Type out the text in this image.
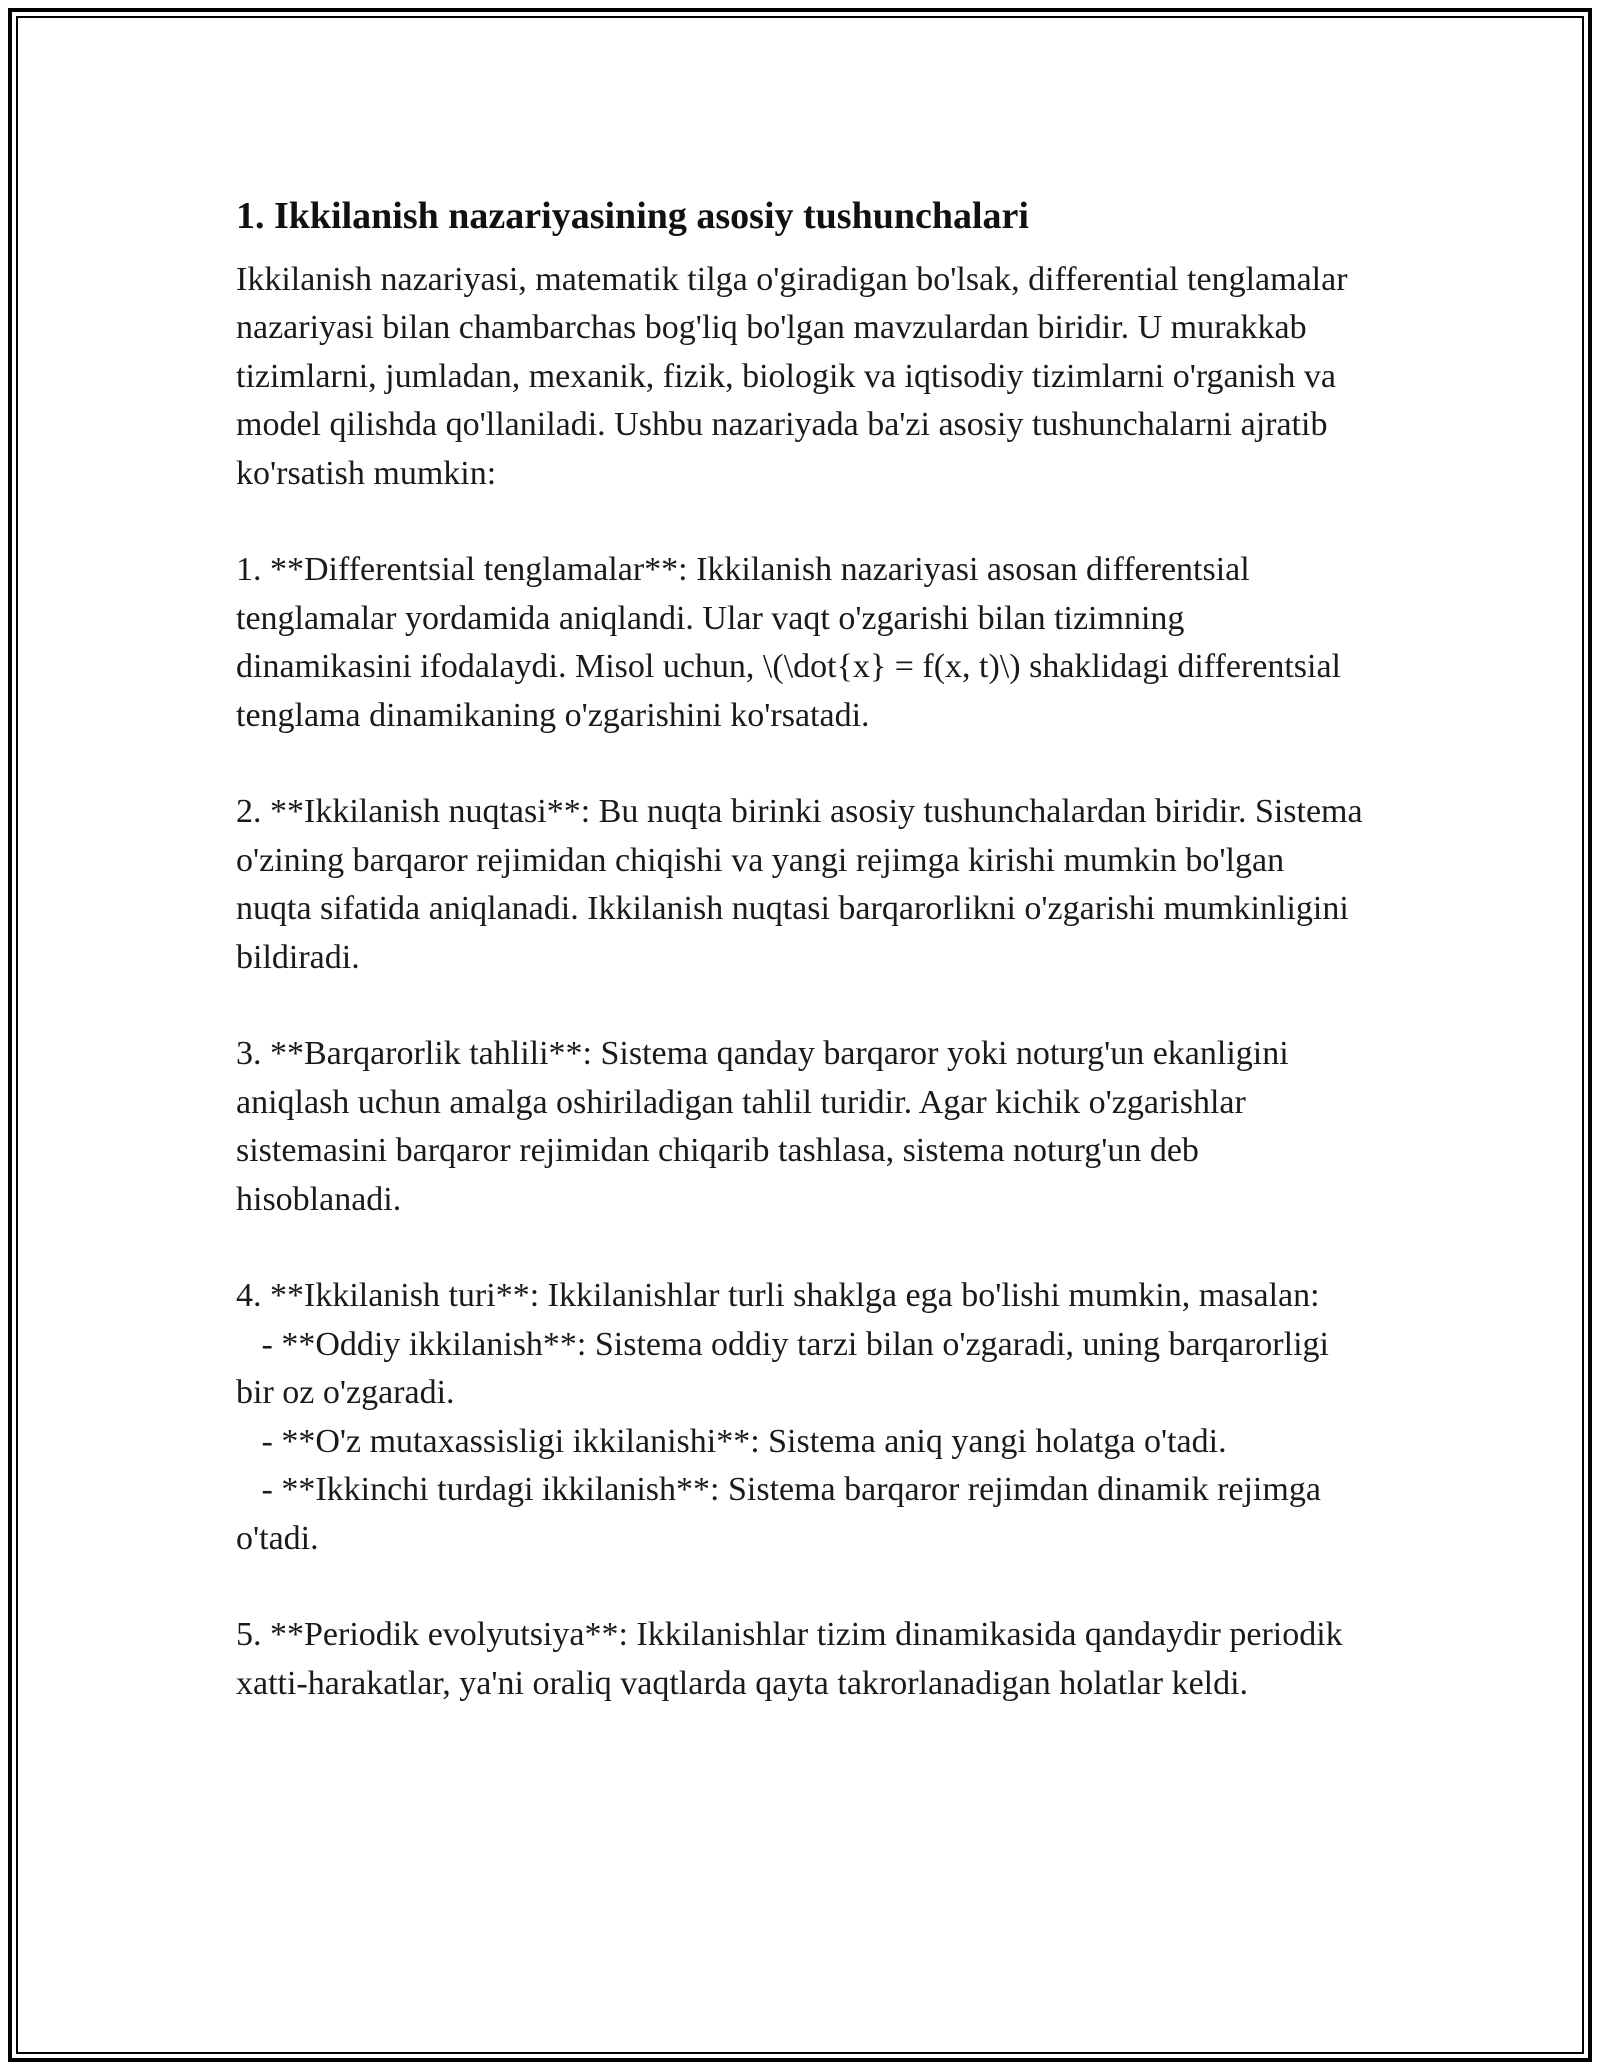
1. Ikkilanish nazariyasining asosiy tushunchalari

Ikkilanish nazariyasi, matematik tilga o'giradigan bo'lsak, differential tenglamalar nazariyasi bilan chambarchas bog'liq bo'lgan mavzulardan biridir. U murakkab tizimlarni, jumladan, mexanik, fizik, biologik va iqtisodiy tizimlarni o'rganish va model qilishda qo'llaniladi. Ushbu nazariyada ba'zi asosiy tushunchalarni ajratib ko'rsatish mumkin:

1. **Differentsial tenglamalar**: Ikkilanish nazariyasi asosan differentsial tenglamalar yordamida aniqlandi. Ular vaqt o'zgarishi bilan tizimning dinamikasini ifodalaydi. Misol uchun, \(\dot{x} = f(x, t)\) shaklidagi differentsial tenglama dinamikaning o'zgarishini ko'rsatadi.

2. **Ikkilanish nuqtasi**: Bu nuqta birinki asosiy tushunchalardan biridir. Sistema o'zining barqaror rejimidan chiqishi va yangi rejimga kirishi mumkin bo'lgan nuqta sifatida aniqlanadi. Ikkilanish nuqtasi barqarorlikni o'zgarishi mumkinligini bildiradi.

3. **Barqarorlik tahlili**: Sistema qanday barqaror yoki noturg'un ekanligini aniqlash uchun amalga oshiriladigan tahlil turidir. Agar kichik o'zgarishlar sistemasini barqaror rejimidan chiqarib tashlasa, sistema noturg'un deb hisoblanadi.

4. **Ikkilanish turi**: Ikkilanishlar turli shaklga ega bo'lishi mumkin, masalan:
- **Oddiy ikkilanish**: Sistema oddiy tarzi bilan o'zgaradi, uning barqarorligi bir oz o'zgaradi.
- **O'z mutaxassisligi ikkilanishi**: Sistema aniq yangi holatga o'tadi.
- **Ikkinchi turdagi ikkilanish**: Sistema barqaror rejimdan dinamik rejimga o'tadi.

5. **Periodik evolyutsiya**: Ikkilanishlar tizim dinamikasida qandaydir periodik xatti-harakatlar, ya'ni oraliq vaqtlarda qayta takrorlanadigan holatlar keldi.
